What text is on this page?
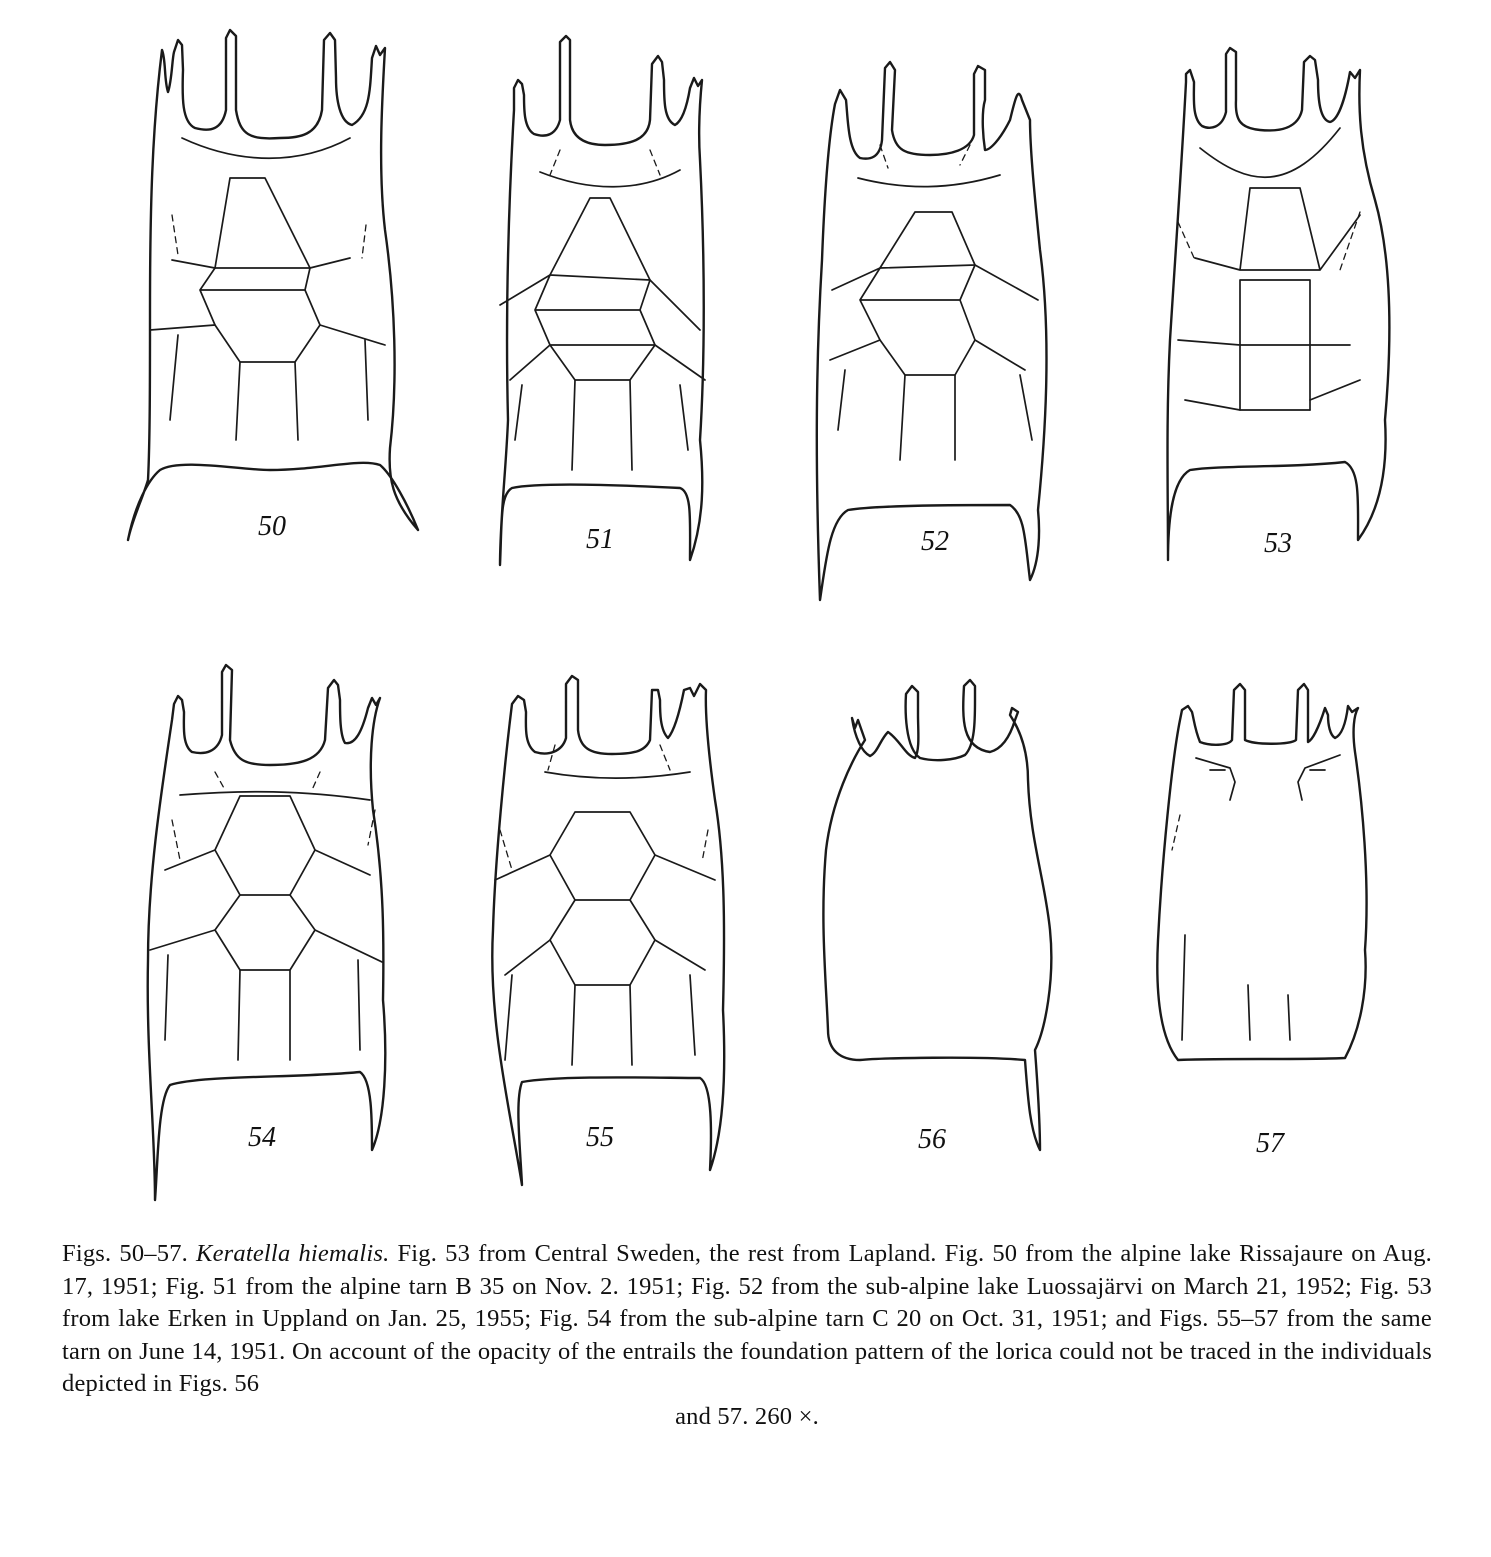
50	51	52	53
54	55	56	57
Figs. 50–57. Keratella hiemalis. Fig. 53 from Central Sweden, the rest from Lapland. Fig. 50 from the alpine lake Rissajaure on Aug. 17, 1951; Fig. 51 from the alpine tarn B 35 on Nov. 2. 1951; Fig. 52 from the sub-alpine lake Luossajärvi on March 21, 1952; Fig. 53 from lake Erken in Uppland on Jan. 25, 1955; Fig. 54 from the sub-alpine tarn C 20 on Oct. 31, 1951; and Figs. 55–57 from the same tarn on June 14, 1951. On account of the opacity of the entrails the foundation pattern of the lorica could not be traced in the individuals depicted in Figs. 56
and 57. 260 ×.
